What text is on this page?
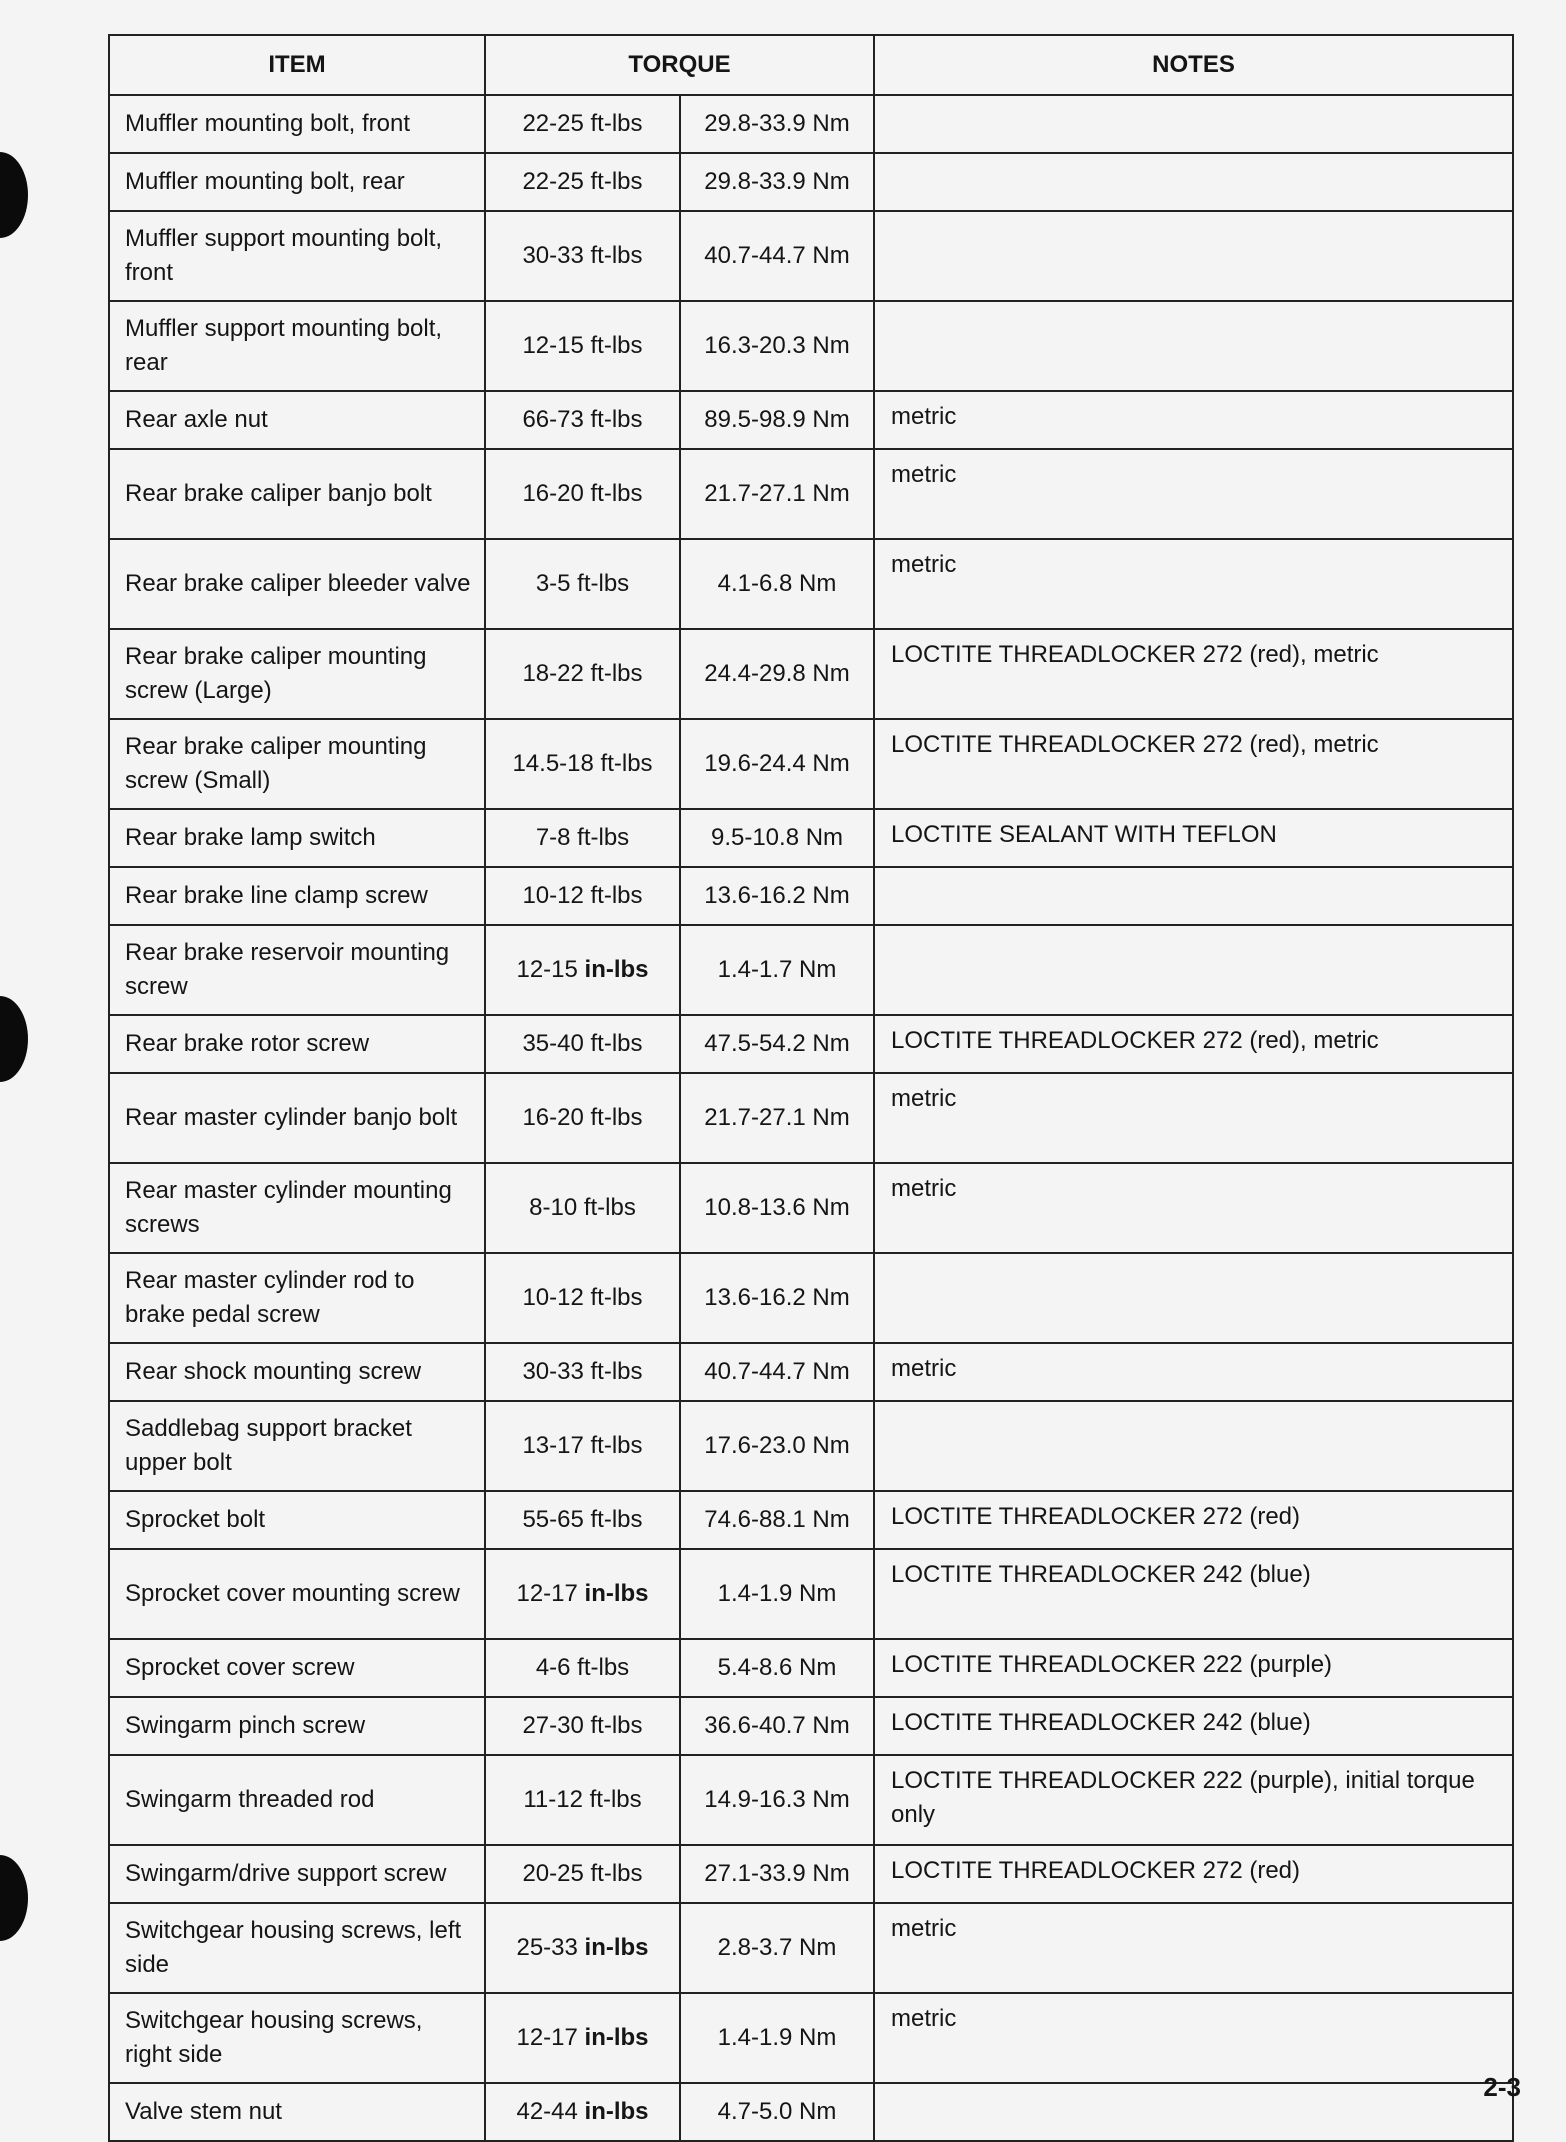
ITEM	TORQUE		NOTES
Muffler mounting bolt, front	22-25 ft-lbs	29.8-33.9 Nm	
Muffler mounting bolt, rear	22-25 ft-lbs	29.8-33.9 Nm	
Muffler support mounting bolt, front	30-33 ft-lbs	40.7-44.7 Nm	
Muffler support mounting bolt, rear	12-15 ft-lbs	16.3-20.3 Nm	
Rear axle nut	66-73 ft-lbs	89.5-98.9 Nm	metric
Rear brake caliper banjo bolt	16-20 ft-lbs	21.7-27.1 Nm	metric
Rear brake caliper bleeder valve	3-5 ft-lbs	4.1-6.8 Nm	metric
Rear brake caliper mounting screw (Large)	18-22 ft-lbs	24.4-29.8 Nm	LOCTITE THREADLOCKER 272 (red), metric
Rear brake caliper mounting screw (Small)	14.5-18 ft-lbs	19.6-24.4 Nm	LOCTITE THREADLOCKER 272 (red), metric
Rear brake lamp switch	7-8 ft-lbs	9.5-10.8 Nm	LOCTITE SEALANT WITH TEFLON
Rear brake line clamp screw	10-12 ft-lbs	13.6-16.2 Nm	
Rear brake reservoir mounting screw	12-15 in-lbs	1.4-1.7 Nm	
Rear brake rotor screw	35-40 ft-lbs	47.5-54.2 Nm	LOCTITE THREADLOCKER 272 (red), metric
Rear master cylinder banjo bolt	16-20 ft-lbs	21.7-27.1 Nm	metric
Rear master cylinder mounting screws	8-10 ft-lbs	10.8-13.6 Nm	metric
Rear master cylinder rod to brake pedal screw	10-12 ft-lbs	13.6-16.2 Nm	
Rear shock mounting screw	30-33 ft-lbs	40.7-44.7 Nm	metric
Saddlebag support bracket upper bolt	13-17 ft-lbs	17.6-23.0 Nm	
Sprocket bolt	55-65 ft-lbs	74.6-88.1 Nm	LOCTITE THREADLOCKER 272 (red)
Sprocket cover mounting screw	12-17 in-lbs	1.4-1.9 Nm	LOCTITE THREADLOCKER 242 (blue)
Sprocket cover screw	4-6 ft-lbs	5.4-8.6 Nm	LOCTITE THREADLOCKER 222 (purple)
Swingarm pinch screw	27-30 ft-lbs	36.6-40.7 Nm	LOCTITE THREADLOCKER 242 (blue)
Swingarm threaded rod	11-12 ft-lbs	14.9-16.3 Nm	LOCTITE THREADLOCKER 222 (purple), initial torque only
Swingarm/drive support screw	20-25 ft-lbs	27.1-33.9 Nm	LOCTITE THREADLOCKER 272 (red)
Switchgear housing screws, left side	25-33 in-lbs	2.8-3.7 Nm	metric
Switchgear housing screws, right side	12-17 in-lbs	1.4-1.9 Nm	metric
Valve stem nut	42-44 in-lbs	4.7-5.0 Nm	
2-3
